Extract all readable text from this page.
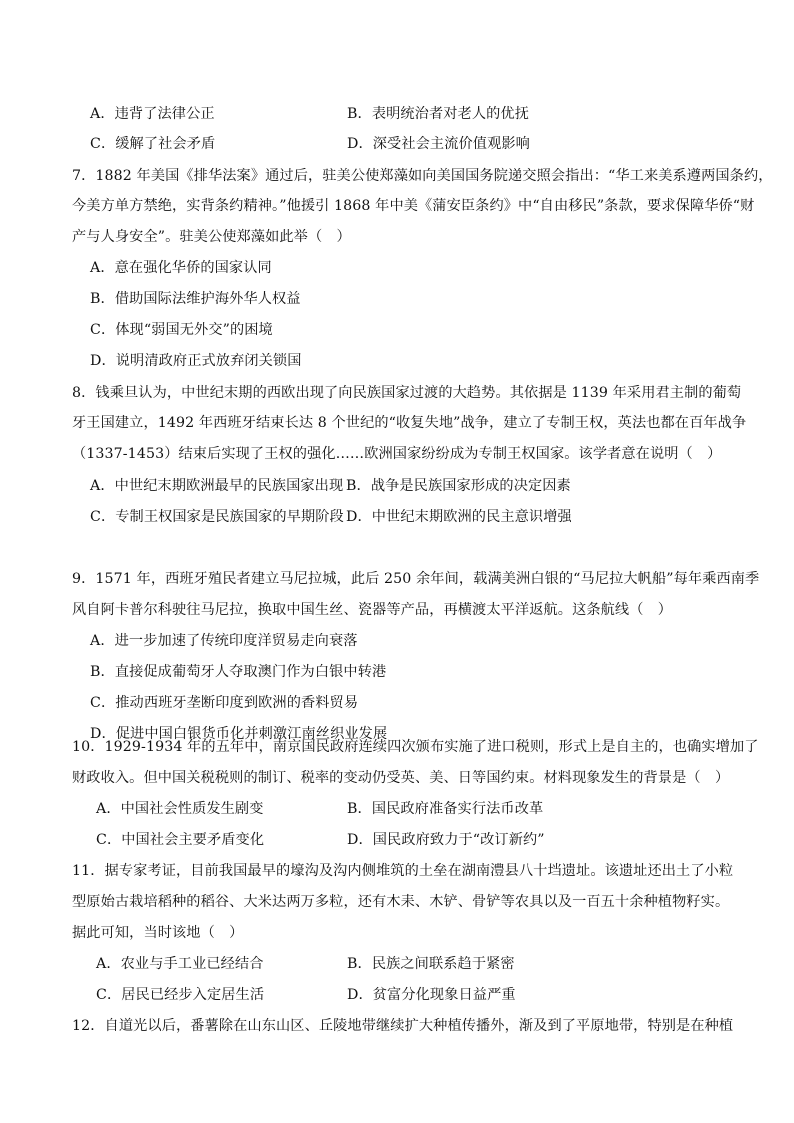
A．违背了法律公正	B．表明统治者对老人的优抚
C．缓解了社会矛盾	D．深受社会主流价值观影响
7．1882 年美国《排华法案》通过后，驻美公使郑藻如向美国国务院递交照会指出：“华工来美系遵两国条约，
今美方单方禁绝，实背条约精神。”他援引 1868 年中美《蒲安臣条约》中“自由移民”条款，要求保障华侨“财
产与人身安全”。驻美公使郑藻如此举（　）
A．意在强化华侨的国家认同
B．借助国际法维护海外华人权益
C．体现“弱国无外交”的困境
D．说明清政府正式放弃闭关锁国
8．钱乘旦认为，中世纪末期的西欧出现了向民族国家过渡的大趋势。其依据是 1139 年采用君主制的葡萄
牙王国建立，1492 年西班牙结束长达 8 个世纪的“收复失地”战争，建立了专制王权，英法也都在百年战争
（1337-1453）结束后实现了王权的强化……欧洲国家纷纷成为专制王权国家。该学者意在说明（　）
A．中世纪末期欧洲最早的民族国家出现 B．战争是民族国家形成的决定因素
C．专制王权国家是民族国家的早期阶段 D．中世纪末期欧洲的民主意识增强
9．1571 年，西班牙殖民者建立马尼拉城，此后 250 余年间，载满美洲白银的“马尼拉大帆船”每年乘西南季
风自阿卡普尔科驶往马尼拉，换取中国生丝、瓷器等产品，再横渡太平洋返航。这条航线（　）
A．进一步加速了传统印度洋贸易走向衰落
B．直接促成葡萄牙人夺取澳门作为白银中转港
C．推动西班牙垄断印度到欧洲的香料贸易
D．促进中国白银货币化并刺激江南丝织业发展
10．1929-1934 年的五年中，南京国民政府连续四次颁布实施了进口税则，形式上是自主的，也确实增加了
财政收入。但中国关税税则的制订、税率的变动仍受英、美、日等国约束。材料现象发生的背景是（　）
A．中国社会性质发生剧变	B．国民政府准备实行法币改革
C．中国社会主要矛盾变化	D．国民政府致力于“改订新约”
11．据专家考证，目前我国最早的壕沟及沟内侧堆筑的土垒在湖南澧县八十垱遗址。该遗址还出土了小粒
型原始古栽培稻种的稻谷、大米达两万多粒，还有木耒、木铲、骨铲等农具以及一百五十余种植物籽实。
据此可知，当时该地（　）
A．农业与手工业已经结合	B．民族之间联系趋于紧密
C．居民已经步入定居生活	D．贫富分化现象日益严重
12．自道光以后，番薯除在山东山区、丘陵地带继续扩大种植传播外，渐及到了平原地带，特别是在种植
